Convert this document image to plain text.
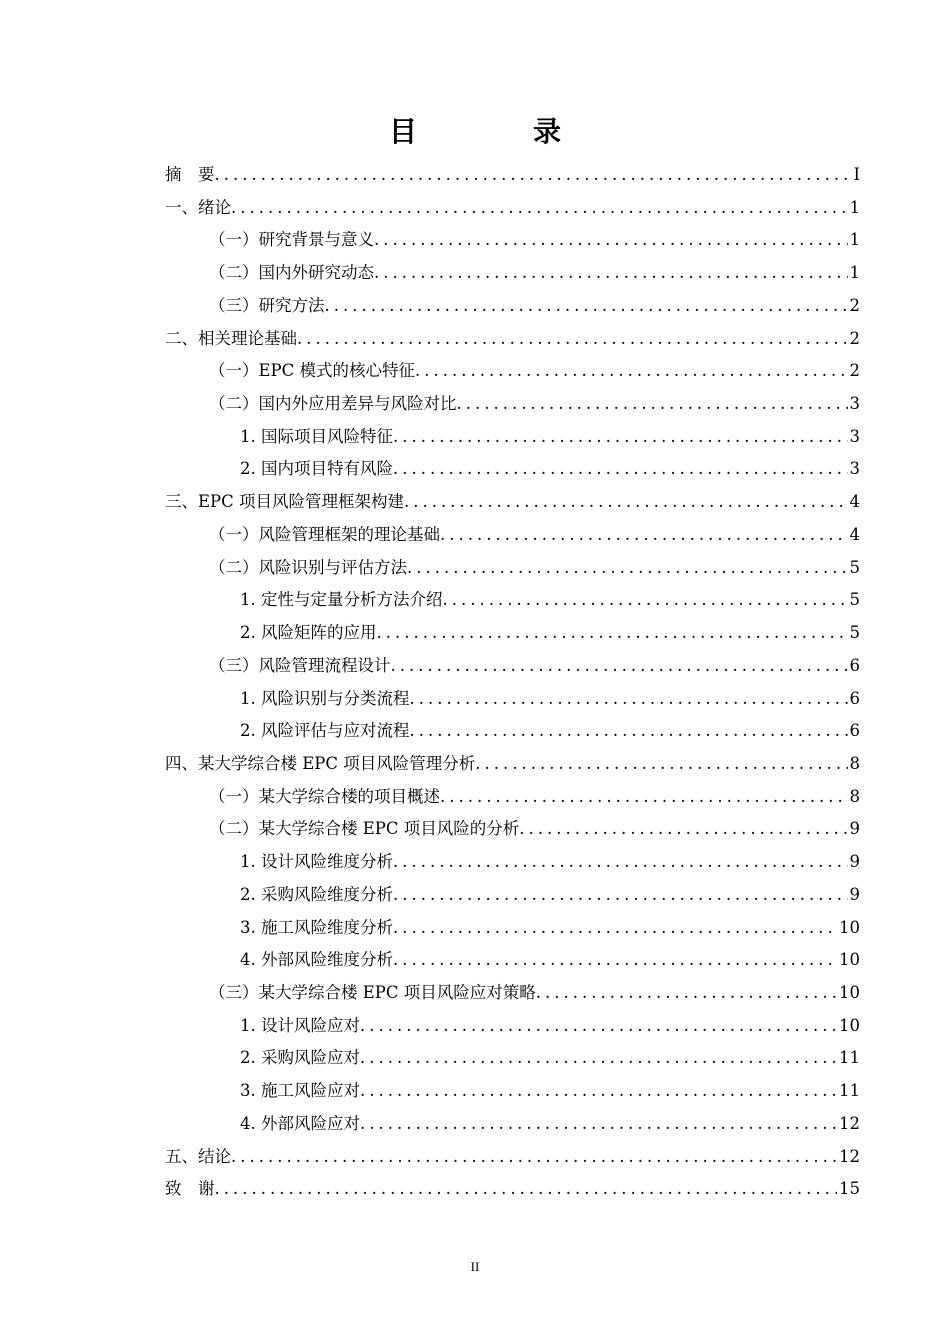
目　录
摘　要 .....	I
一、绪论 .....	1
（一）研究背景与意义 .....	1
（二）国内外研究动态 .....	1
（三）研究方法 .....	2
二、相关理论基础 .....	2
（一）EPC 模式的核心特征 .....	2
（二）国内外应用差异与风险对比 .....	3
1. 国际项目风险特征 .....	3
2. 国内项目特有风险 .....	3
三、EPC 项目风险管理框架构建 .....	4
（一）风险管理框架的理论基础 .....	4
（二）风险识别与评估方法 .....	5
1. 定性与定量分析方法介绍 .....	5
2. 风险矩阵的应用 .....	5
（三）风险管理流程设计 .....	6
1. 风险识别与分类流程 .....	6
2. 风险评估与应对流程 .....	6
四、某大学综合楼 EPC 项目风险管理分析 .....	8
（一）某大学综合楼的项目概述 .....	8
（二）某大学综合楼 EPC 项目风险的分析 .....	9
1. 设计风险维度分析 .....	9
2. 采购风险维度分析 .....	9
3. 施工风险维度分析 .....	10
4. 外部风险维度分析 .....	10
（三）某大学综合楼 EPC 项目风险应对策略 .....	10
1. 设计风险应对 .....	10
2. 采购风险应对 .....	11
3. 施工风险应对 .....	11
4. 外部风险应对 .....	12
五、结论 .....	12
致　谢 .....	15
II
